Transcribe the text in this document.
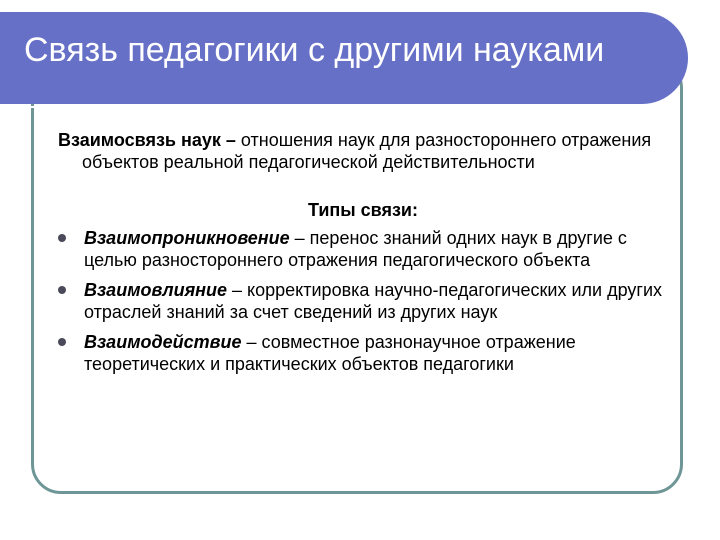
Связь педагогики с другими науками

Взаимосвязь наук – отношения наук для разностороннего отражения объектов реальной педагогической действительности

Типы связи:

Взаимопроникновение – перенос знаний одних наук в другие с целью разностороннего отражения педагогического объекта
Взаимовлияние – корректировка научно-педагогических или других отраслей знаний за счет сведений из других наук
Взаимодействие – совместное разнонаучное отражение теоретических и практических объектов педагогики
